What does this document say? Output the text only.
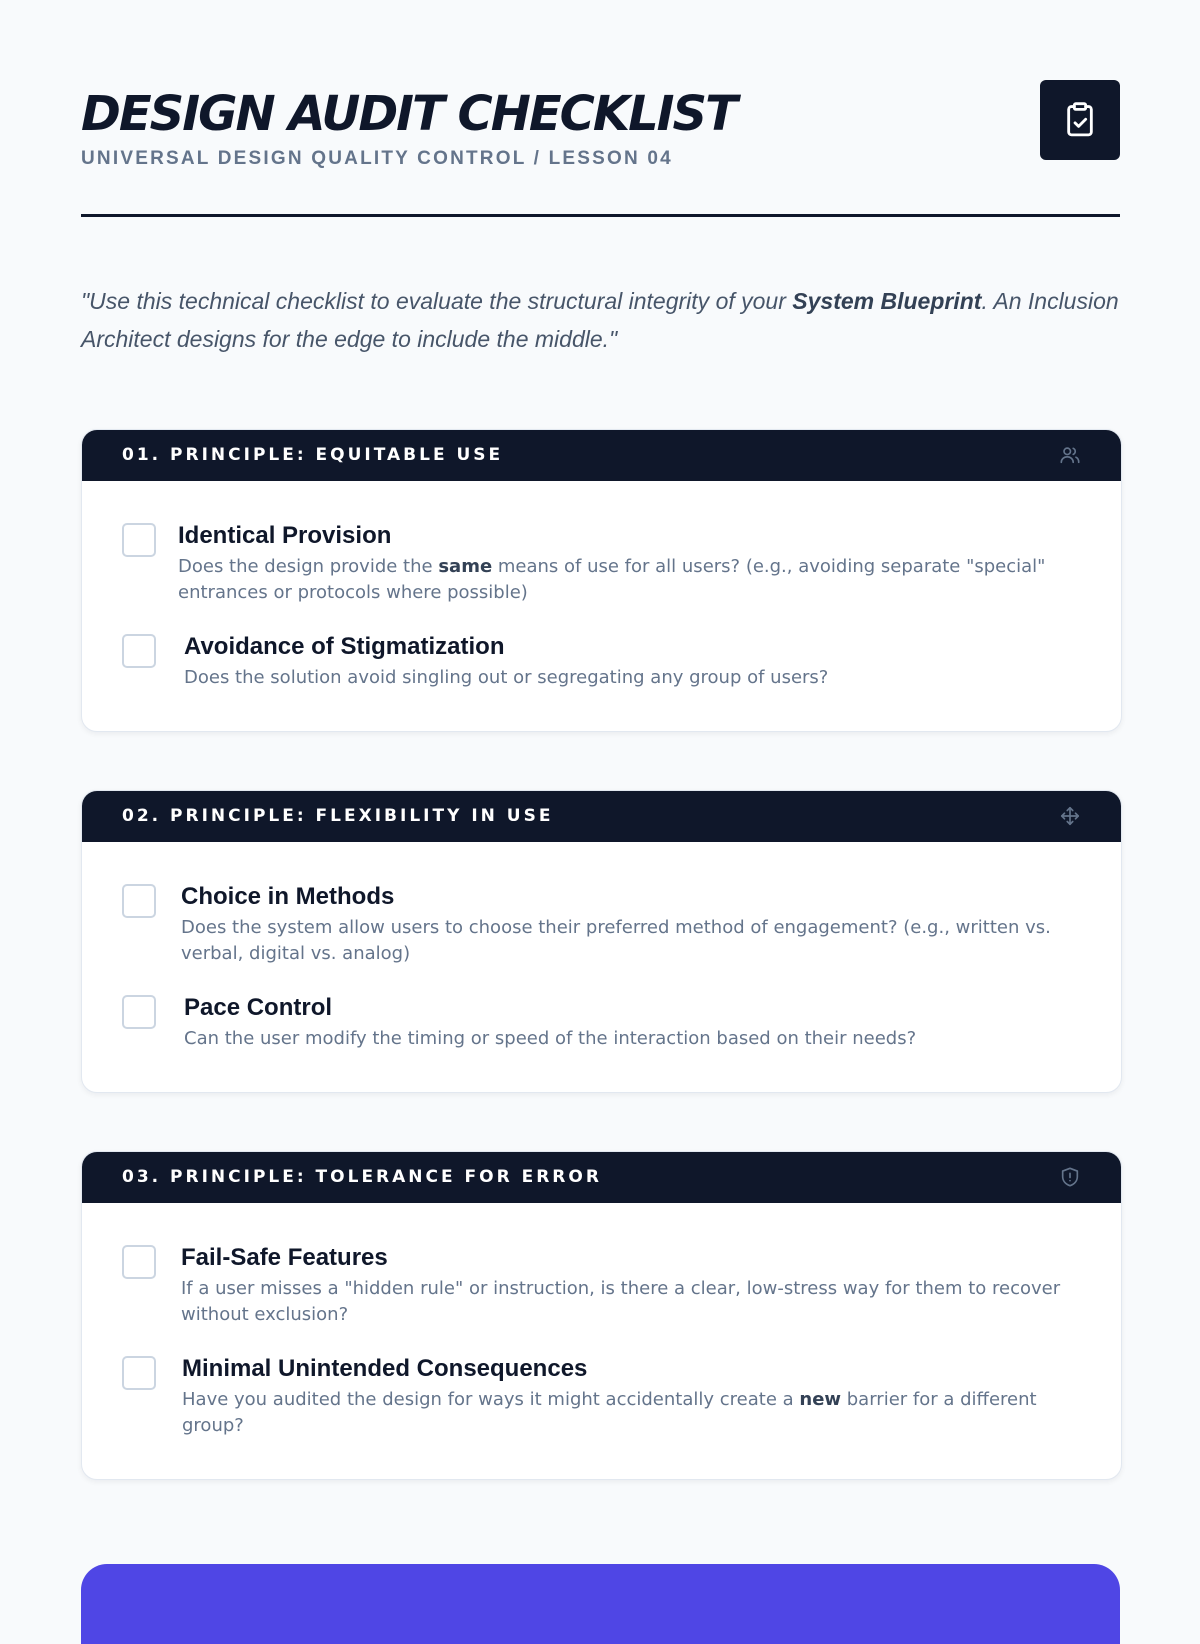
DESIGN AUDIT CHECKLIST
UNIVERSAL DESIGN QUALITY CONTROL / LESSON 04

"Use this technical checklist to evaluate the structural integrity of your System Blueprint. An Inclusion Architect designs for the edge to include the middle."

01. PRINCIPLE: EQUITABLE USE
Identical Provision
Does the design provide the same means of use for all users? (e.g., avoiding separate "special" entrances or protocols where possible)
Avoidance of Stigmatization
Does the solution avoid singling out or segregating any group of users?
02. PRINCIPLE: FLEXIBILITY IN USE
Choice in Methods
Does the system allow users to choose their preferred method of engagement? (e.g., written vs. verbal, digital vs. analog)
Pace Control
Can the user modify the timing or speed of the interaction based on their needs?
03. PRINCIPLE: TOLERANCE FOR ERROR
Fail-Safe Features
If a user misses a "hidden rule" or instruction, is there a clear, low-stress way for them to recover without exclusion?
Minimal Unintended Consequences
Have you audited the design for ways it might accidentally create a new barrier for a different group?
